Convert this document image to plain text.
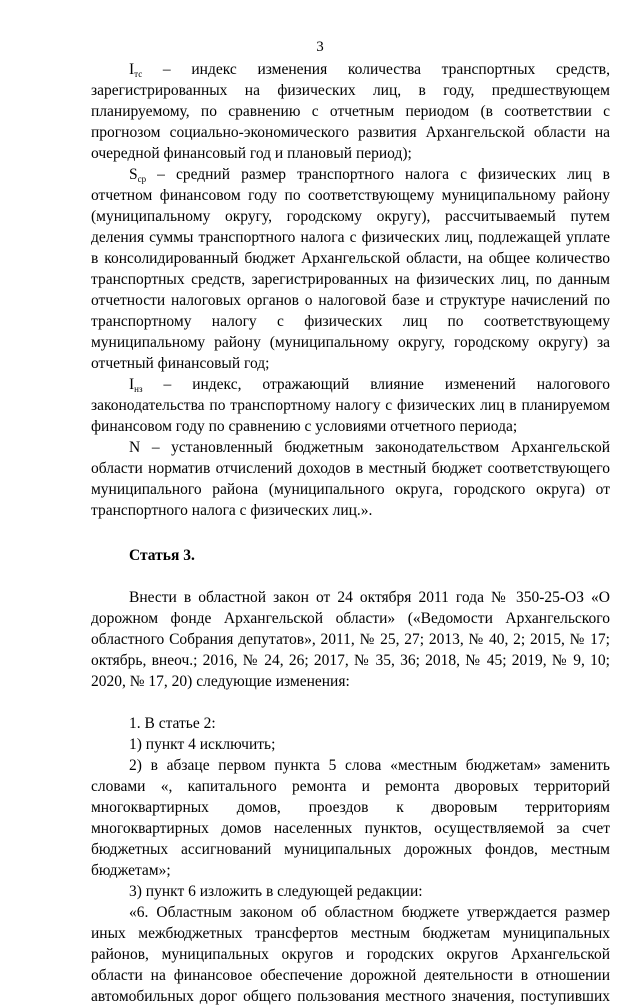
3

$I_{тс}$ – индекс изменения количества транспортных средств, зарегистрированных на физических лиц, в году, предшествующем планируемому, по сравнению с отчетным периодом (в соответствии с прогнозом социально-экономического развития Архангельской области на очередной финансовый год и плановый период);

$S_{ср}$ – средний размер транспортного налога с физических лиц в отчетном финансовом году по соответствующему муниципальному району (муниципальному округу, городскому округу), рассчитываемый путем деления суммы транспортного налога с физических лиц, подлежащей уплате в консолидированный бюджет Архангельской области, на общее количество транспортных средств, зарегистрированных на физических лиц, по данным отчетности налоговых органов о налоговой базе и структуре начислений по транспортному налогу с физических лиц по соответствующему муниципальному району (муниципальному округу, городскому округу) за отчетный финансовый год;

$I_{нз}$ – индекс, отражающий влияние изменений налогового законодательства по транспортному налогу с физических лиц в планируемом финансовом году по сравнению с условиями отчетного периода;

N – установленный бюджетным законодательством Архангельской области норматив отчислений доходов в местный бюджет соответствующего муниципального района (муниципального округа, городского округа) от транспортного налога с физических лиц.».

Статья 3.

Внести в областной закон от 24 октября 2011 года № 350-25-ОЗ «О дорожном фонде Архангельской области» («Ведомости Архангельского областного Собрания депутатов», 2011, № 25, 27; 2013, № 40, 2; 2015, № 17; октябрь, внеоч.; 2016, № 24, 26; 2017, № 35, 36; 2018, № 45; 2019, № 9, 10; 2020, № 17, 20) следующие изменения:

1. В статье 2:

1) пункт 4 исключить;

2) в абзаце первом пункта 5 слова «местным бюджетам» заменить словами «, капитального ремонта и ремонта дворовых территорий многоквартирных домов, проездов к дворовым территориям многоквартирных домов населенных пунктов, осуществляемой за счет бюджетных ассигнований муниципальных дорожных фондов, местным бюджетам»;

3) пункт 6 изложить в следующей редакции:

«6. Областным законом об областном бюджете утверждается размер иных межбюджетных трансфертов местным бюджетам муниципальных районов, муниципальных округов и городских округов Архангельской области на финансовое обеспечение дорожной деятельности в отношении автомобильных дорог общего пользования местного значения, поступивших
